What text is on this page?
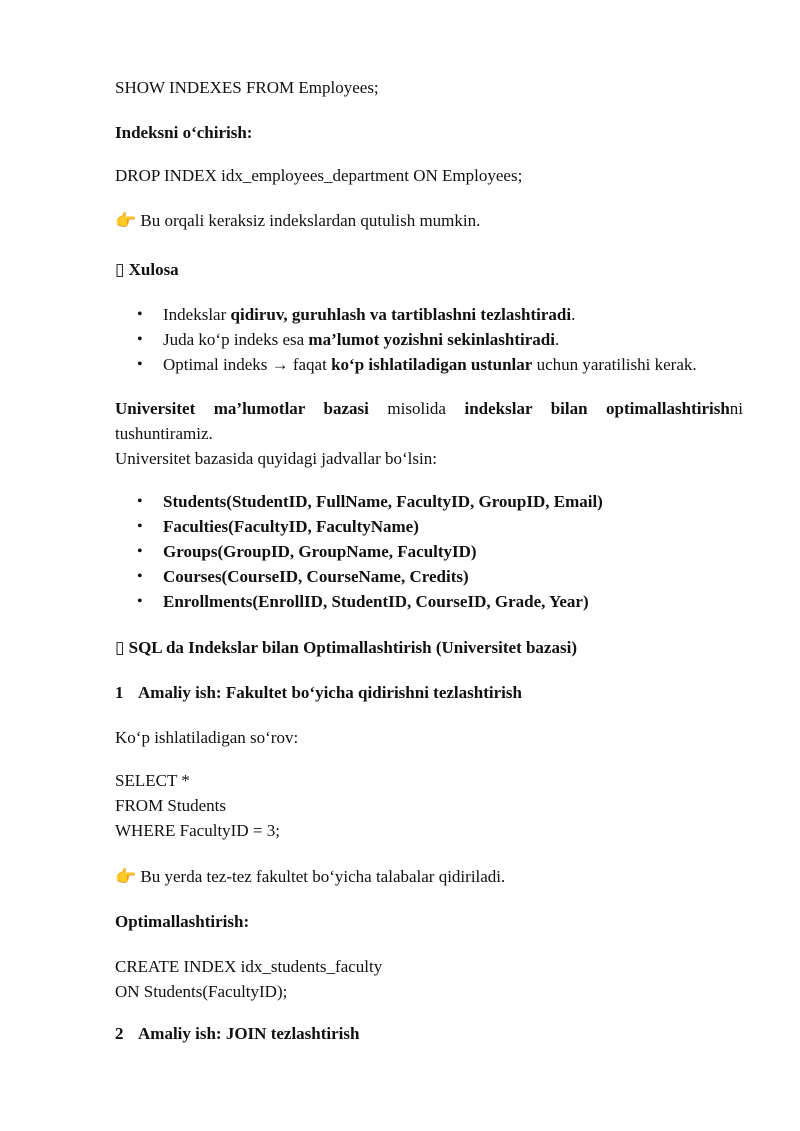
SHOW INDEXES FROM Employees;
Indeksni o‘chirish:
DROP INDEX idx_employees_department ON Employees;
👉 Bu orqali keraksiz indekslardan qutulish mumkin.
▯ Xulosa
• Indekslar qidiruv, guruhlash va tartiblashni tezlashtiradi.
• Juda ko‘p indeks esa ma’lumot yozishni sekinlashtiradi.
• Optimal indeks → faqat ko‘p ishlatiladigan ustunlar uchun yaratilishi kerak.
Universitet ma’lumotlar bazasi misolida indekslar bilan optimallashtirishni
tushuntiramiz.
Universitet bazasida quyidagi jadvallar bo‘lsin:
• Students(StudentID, FullName, FacultyID, GroupID, Email)
• Faculties(FacultyID, FacultyName)
• Groups(GroupID, GroupName, FacultyID)
• Courses(CourseID, CourseName, Credits)
• Enrollments(EnrollID, StudentID, CourseID, Grade, Year)
▯ SQL da Indekslar bilan Optimallashtirish (Universitet bazasi)
1 Amaliy ish: Fakultet bo‘yicha qidirishni tezlashtirish
Ko‘p ishlatiladigan so‘rov:
SELECT *
FROM Students
WHERE FacultyID = 3;
👉 Bu yerda tez-tez fakultet bo‘yicha talabalar qidiriladi.
Optimallashtirish:
CREATE INDEX idx_students_faculty
ON Students(FacultyID);
2 Amaliy ish: JOIN tezlashtirish
